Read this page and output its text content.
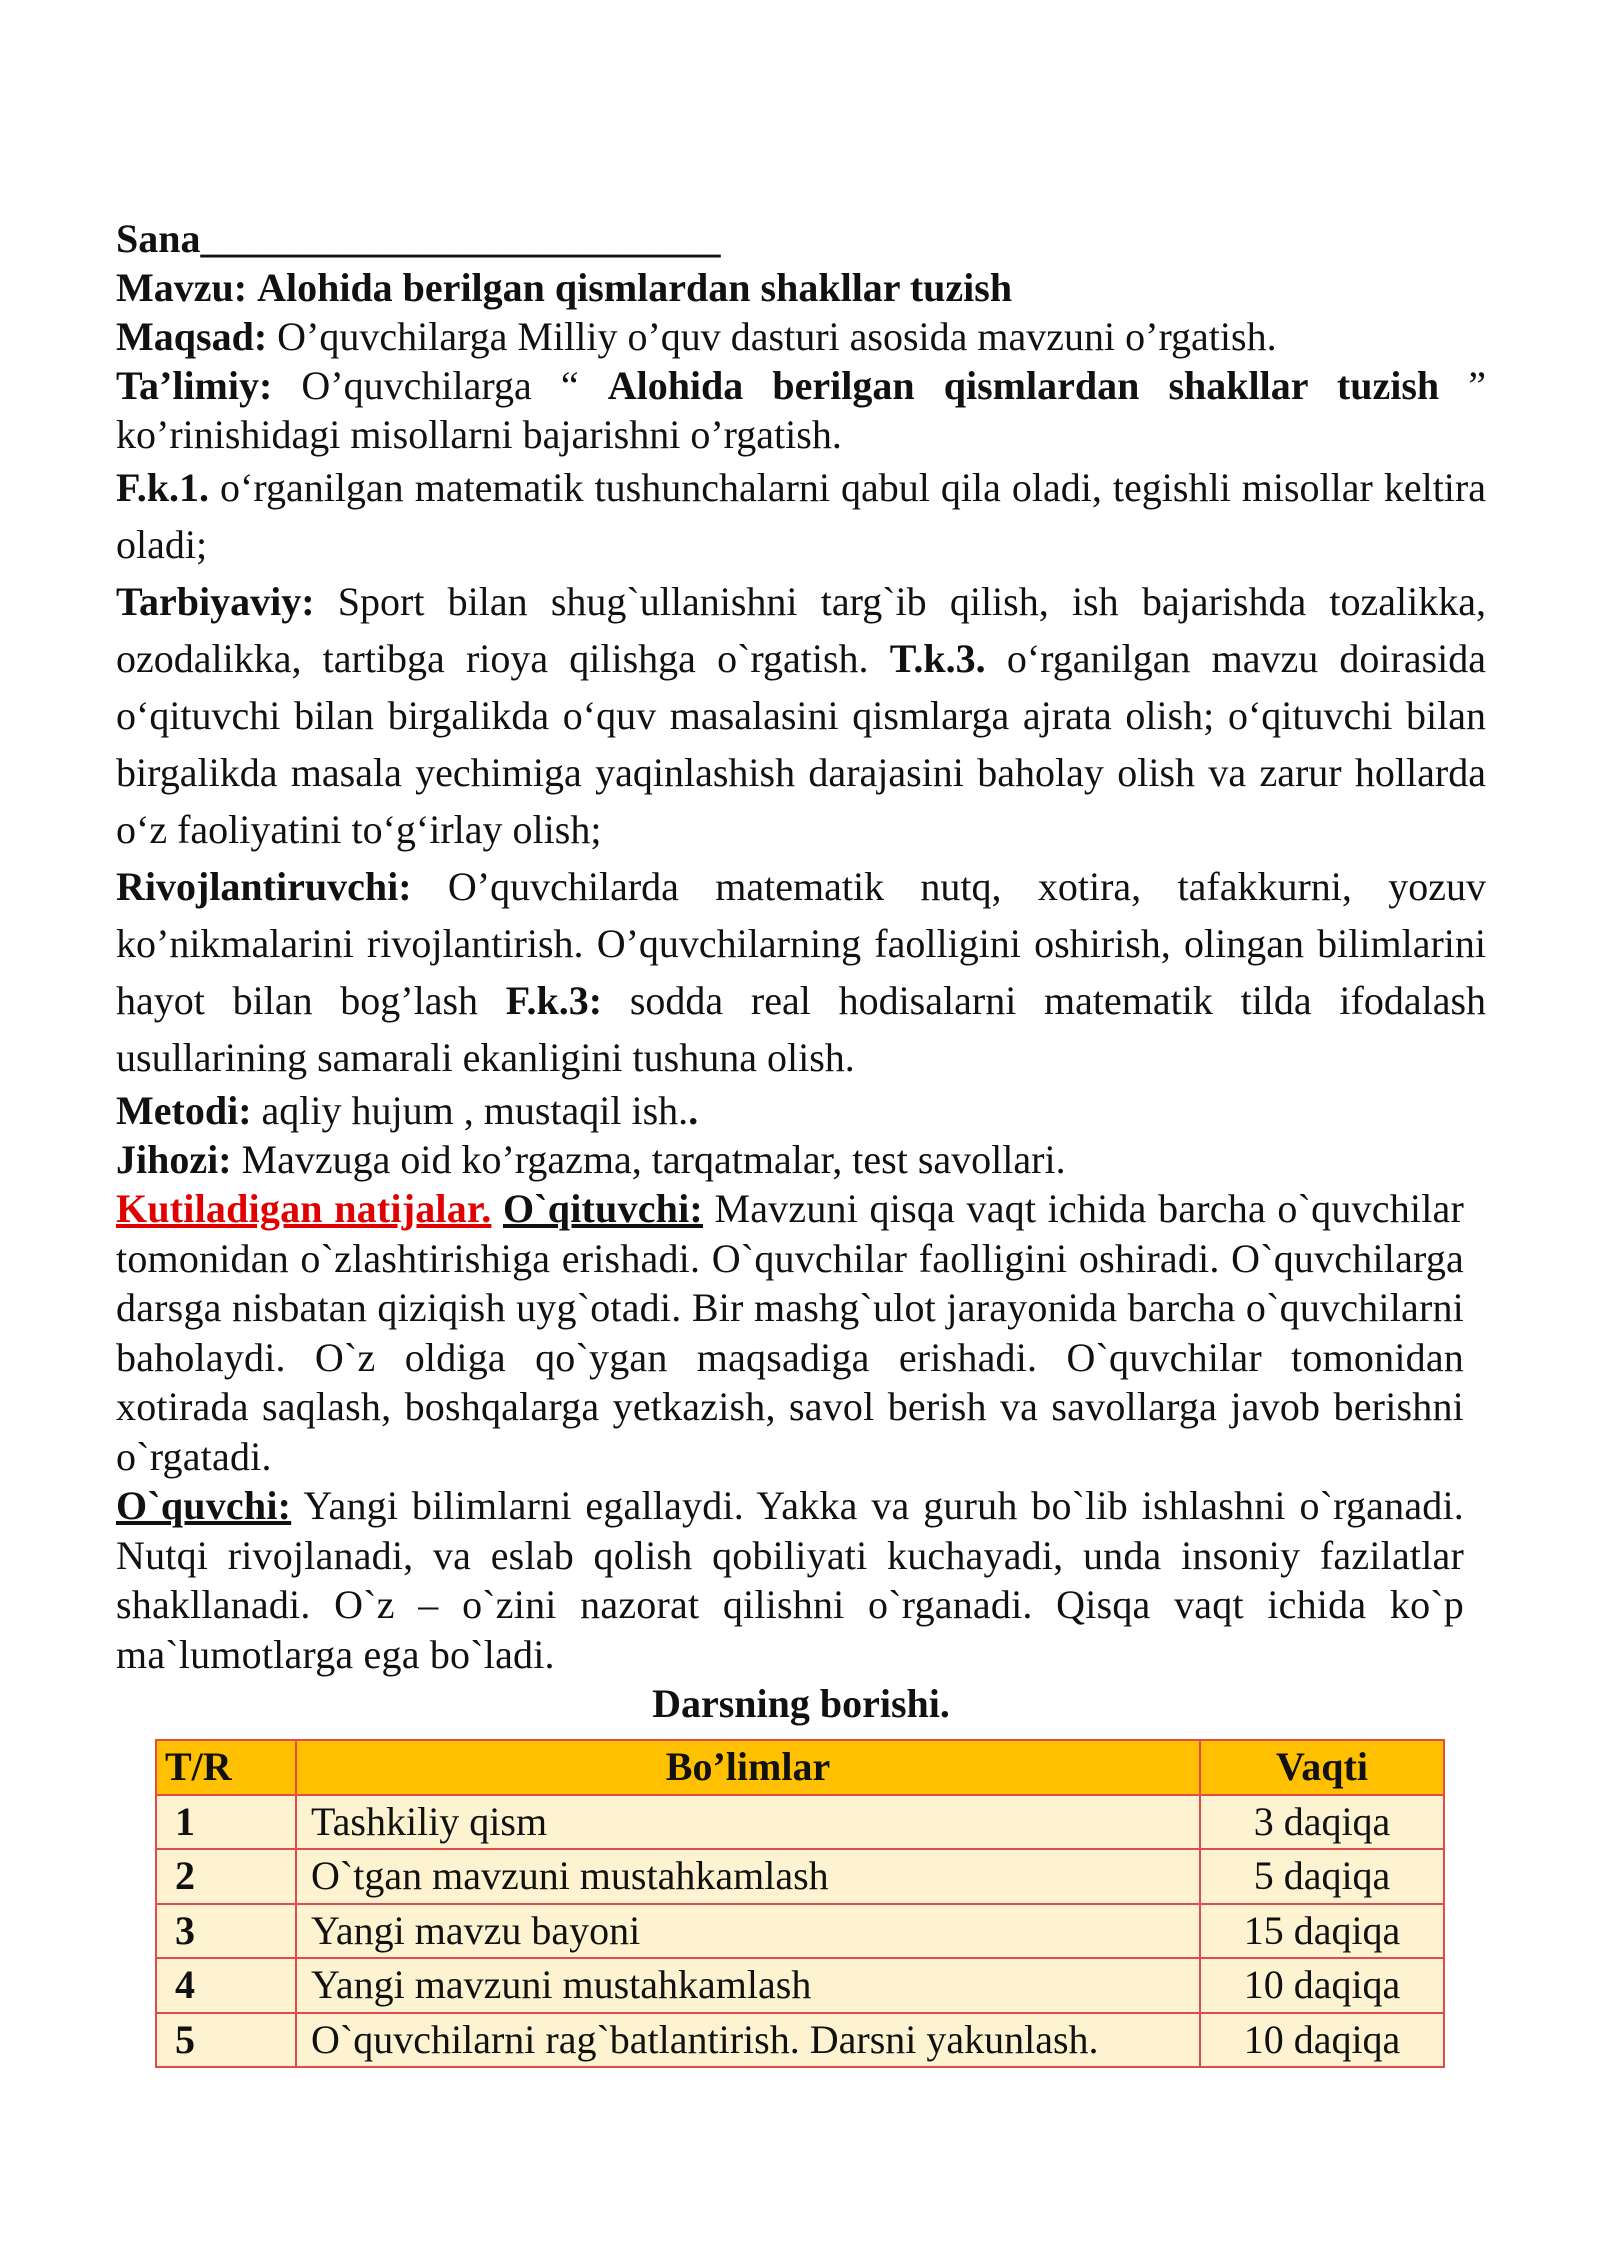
Sana__________________________
Mavzu: Alohida berilgan qismlardan shakllar tuzish
Maqsad: O’quvchilarga Milliy o’quv dasturi asosida mavzuni o’rgatish.
Ta’limiy: O’quvchilarga “ Alohida berilgan qismlardan shakllar tuzish ”
ko’rinishidagi misollarni bajarishni o’rgatish.
F.k.1. o‘rganilgan matematik tushunchalarni qabul qila oladi, tegishli misollar keltira oladi;
Tarbiyaviy: Sport bilan shug`ullanishni targ`ib qilish, ish bajarishda tozalikka, ozodalikka, tartibga rioya qilishga o`rgatish. T.k.3. o‘rganilgan mavzu doirasida o‘qituvchi bilan birgalikda o‘quv masalasini qismlarga ajrata olish; o‘qituvchi bilan birgalikda masala yechimiga yaqinlashish darajasini baholay olish va zarur hollarda o‘z faoliyatini to‘g‘irlay olish;
Rivojlantiruvchi: O’quvchilarda matematik nutq, xotira, tafakkurni, yozuv ko’nikmalarini rivojlantirish. O’quvchilarning faolligini oshirish, olingan bilimlarini hayot bilan bog’lash F.k.3: sodda real hodisalarni matematik tilda ifodalash usullarining samarali ekanligini tushuna olish.
Metodi: aqliy hujum , mustaqil ish..
Jihozi: Mavzuga oid ko’rgazma, tarqatmalar, test savollari.
Kutiladigan natijalar. O`qituvchi: Mavzuni qisqa vaqt ichida barcha o`quvchilar tomonidan o`zlashtirishiga erishadi. O`quvchilar faolligini oshiradi. O`quvchilarga darsga nisbatan qiziqish uyg`otadi. Bir mashg`ulot jarayonida barcha o`quvchilarni baholaydi. O`z oldiga qo`ygan maqsadiga erishadi. O`quvchilar tomonidan xotirada saqlash, boshqalarga yetkazish, savol berish va savollarga javob berishni o`rgatadi.
O`quvchi: Yangi bilimlarni egallaydi. Yakka va guruh bo`lib ishlashni o`rganadi. Nutqi rivojlanadi, va eslab qolish qobiliyati kuchayadi, unda insoniy fazilatlar shakllanadi. O`z – o`zini nazorat qilishni o`rganadi. Qisqa vaqt ichida ko`p ma`lumotlarga ega bo`ladi.
Darsning borishi.
T/R	Bo’limlar	Vaqti
1	Tashkiliy qism	3 daqiqa
2	O`tgan mavzuni mustahkamlash	5 daqiqa
3	Yangi mavzu bayoni	15 daqiqa
4	Yangi mavzuni mustahkamlash	10 daqiqa
5	O`quvchilarni rag`batlantirish. Darsni yakunlash.	10 daqiqa
